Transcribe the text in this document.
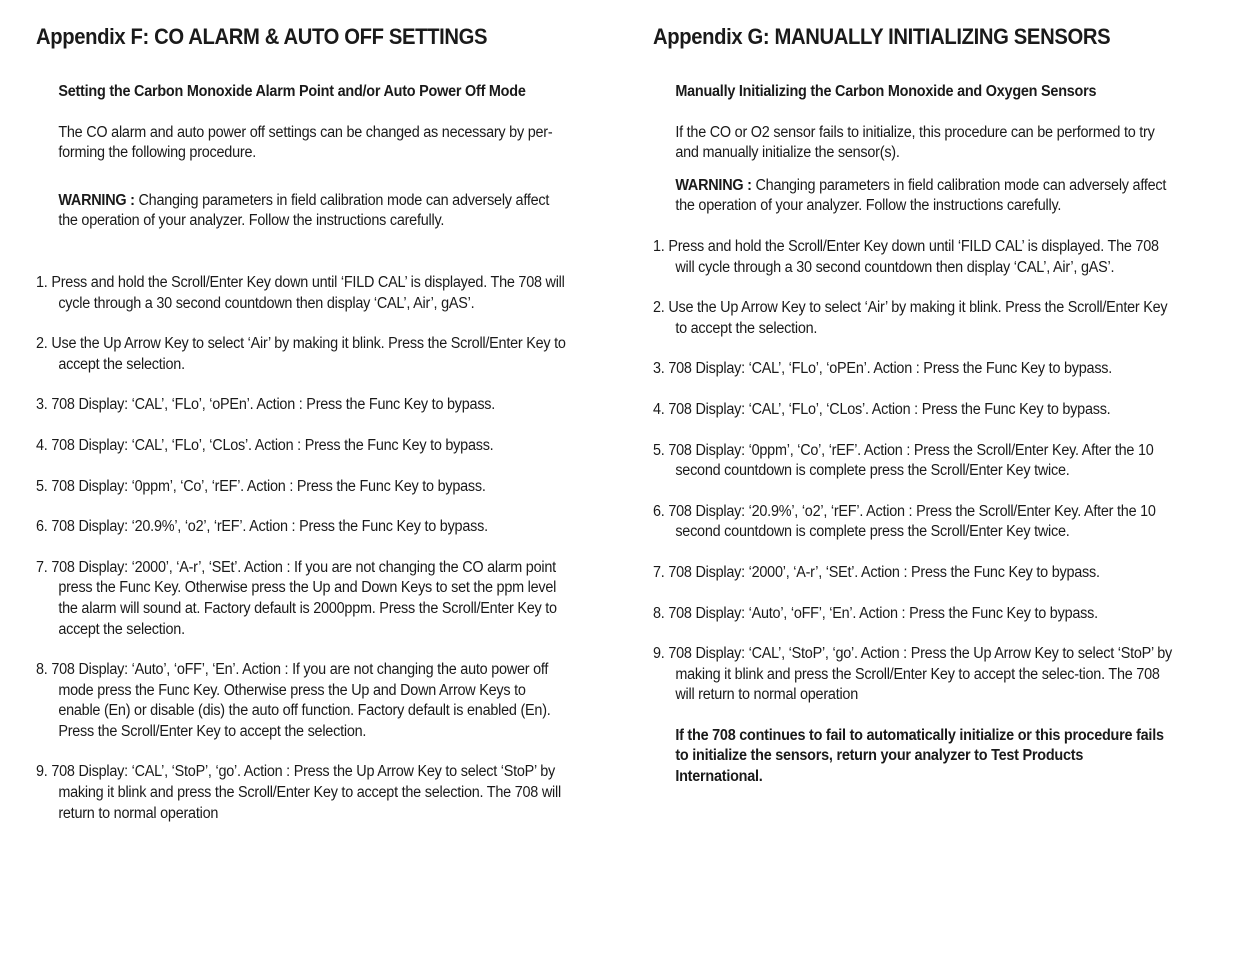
Appendix F: CO ALARM & AUTO OFF SETTINGS

Setting the Carbon Monoxide Alarm Point and/or Auto Power Off Mode

The CO alarm and auto power off settings can be changed as necessary by per-forming the following procedure.

WARNING : Changing parameters in field calibration mode can adversely affect the operation of your analyzer. Follow the instructions carefully.

1. Press and hold the Scroll/Enter Key down until ‘FILD CAL’ is displayed. The 708 will cycle through a 30 second countdown then display ‘CAL’, Air’, gAS’.
2. Use the Up Arrow Key to select ‘Air’ by making it blink. Press the Scroll/Enter Key to accept the selection.
3. 708 Display: ‘CAL’, ‘FLo’, ‘oPEn’. Action : Press the Func Key to bypass.
4. 708 Display: ‘CAL’, ‘FLo’, ‘CLos’. Action : Press the Func Key to bypass.
5. 708 Display: ‘0ppm’, ‘Co’, ‘rEF’. Action : Press the Func Key to bypass.
6. 708 Display: ‘20.9%’, ‘o2’, ‘rEF’. Action : Press the Func Key to bypass.
7. 708 Display: ‘2000’, ‘A-r’, ‘SEt’. Action : If you are not changing the CO alarm point press the Func Key. Otherwise press the Up and Down Keys to set the ppm level the alarm will sound at. Factory default is 2000ppm. Press the Scroll/Enter Key to accept the selection.
8. 708 Display: ‘Auto’, ‘oFF’, ‘En’. Action : If you are not changing the auto power off mode press the Func Key. Otherwise press the Up and Down Arrow Keys to enable (En) or disable (dis) the auto off function. Factory default is enabled (En). Press the Scroll/Enter Key to accept the selection.
9. 708 Display: ‘CAL’, ‘StoP’, ‘go’. Action : Press the Up Arrow Key to select ‘StoP’ by making it blink and press the Scroll/Enter Key to accept the selection. The 708 will return to normal operation
Appendix G: MANUALLY INITIALIZING SENSORS

Manually Initializing the Carbon Monoxide and Oxygen Sensors

If the CO or O2 sensor fails to initialize, this procedure can be performed to try and manually initialize the sensor(s).

WARNING : Changing parameters in field calibration mode can adversely affect the operation of your analyzer. Follow the instructions carefully.

1. Press and hold the Scroll/Enter Key down until ‘FILD CAL’ is displayed. The 708 will cycle through a 30 second countdown then display ‘CAL’, Air’, gAS’.
2. Use the Up Arrow Key to select ‘Air’ by making it blink. Press the Scroll/Enter Key to accept the selection.
3. 708 Display: ‘CAL’, ‘FLo’, ‘oPEn’. Action : Press the Func Key to bypass.
4. 708 Display: ‘CAL’, ‘FLo’, ‘CLos’. Action : Press the Func Key to bypass.
5. 708 Display: ‘0ppm’, ‘Co’, ‘rEF’. Action : Press the Scroll/Enter Key. After the 10 second countdown is complete press the Scroll/Enter Key twice.
6. 708 Display: ‘20.9%’, ‘o2’, ‘rEF’. Action : Press the Scroll/Enter Key. After the 10 second countdown is complete press the Scroll/Enter Key twice.
7. 708 Display: ‘2000’, ‘A-r’, ‘SEt’. Action : Press the Func Key to bypass.
8. 708 Display: ‘Auto’, ‘oFF’, ‘En’. Action : Press the Func Key to bypass.
9. 708 Display: ‘CAL’, ‘StoP’, ‘go’. Action : Press the Up Arrow Key to select ‘StoP’ by making it blink and press the Scroll/Enter Key to accept the selec-tion. The 708 will return to normal operation

If the 708 continues to fail to automatically initialize or this procedure fails to initialize the sensors, return your analyzer to Test Products International.
